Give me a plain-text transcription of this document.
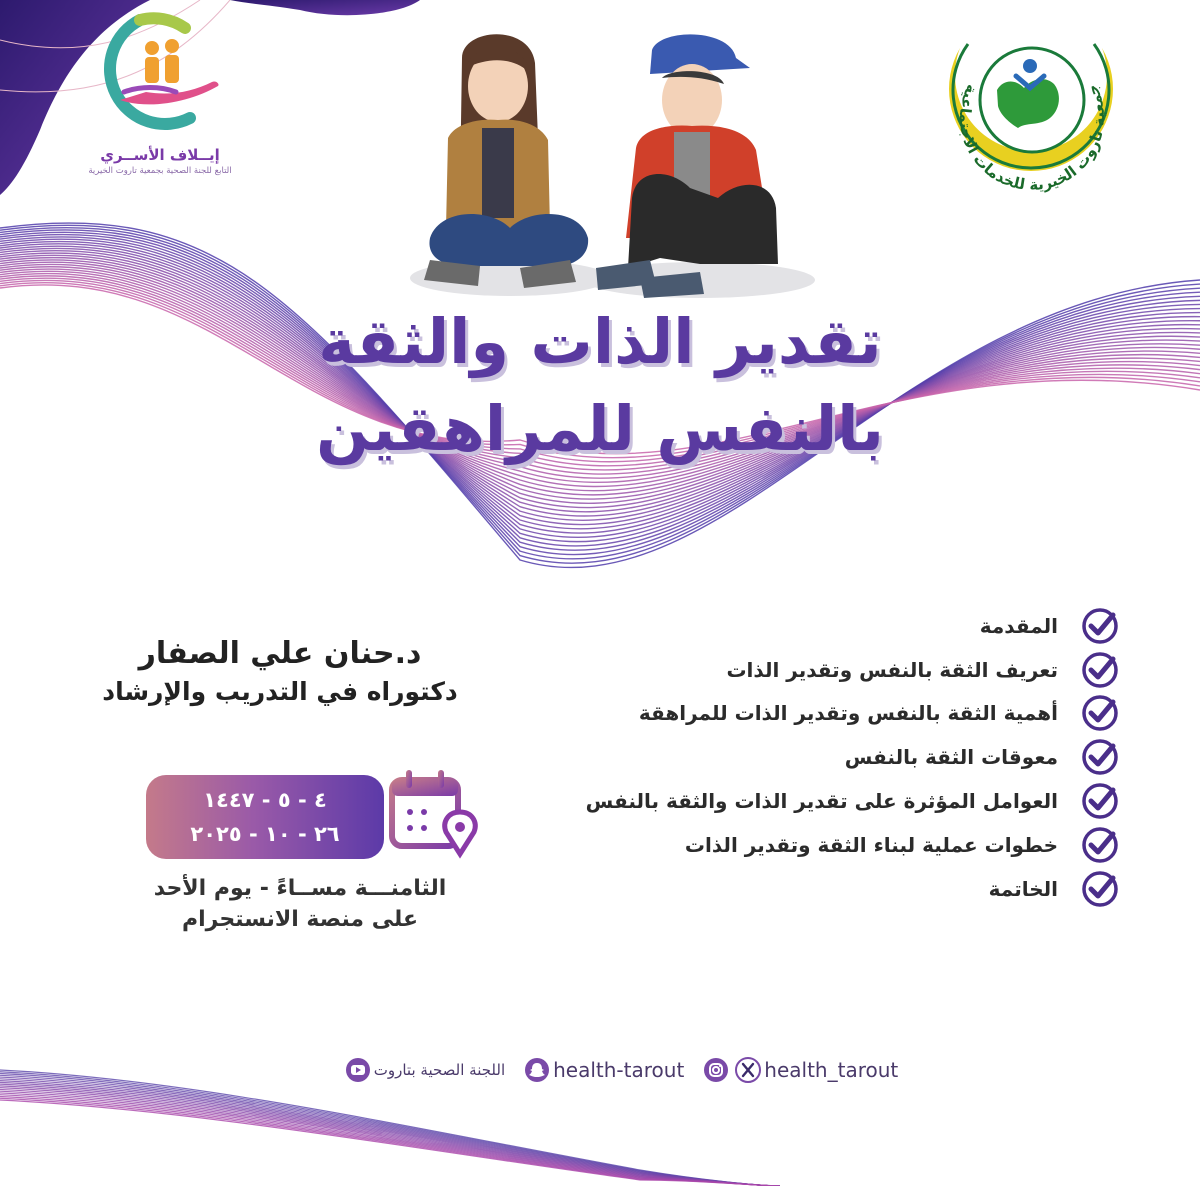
إيــلاف الأســري
التابع للجنة الصحية بجمعية تاروت الخيرية
جمعية تاروت الخيرية للخدمات الاجتماعية
تقدير الذات والثقة
بالنفس للمراهقين
المقدمة
تعريف الثقة بالنفس وتقدير الذات
أهمية الثقة بالنفس وتقدير الذات للمراهقة
معوقات الثقة بالنفس
العوامل المؤثرة على تقدير الذات والثقة بالنفس
خطوات عملية لبناء الثقة وتقدير الذات
الخاتمة
د.حنان علي الصفار
دكتوراه في التدريب والإرشاد
٤ - ٥ - ١٤٤٧
٢٦ - ١٠ - ٢٠٢٥
الثامنـــة مســاءً - يوم الأحد
على منصة الانستجرام
اللجنة الصحية بتاروت health-tarout	health_tarout
